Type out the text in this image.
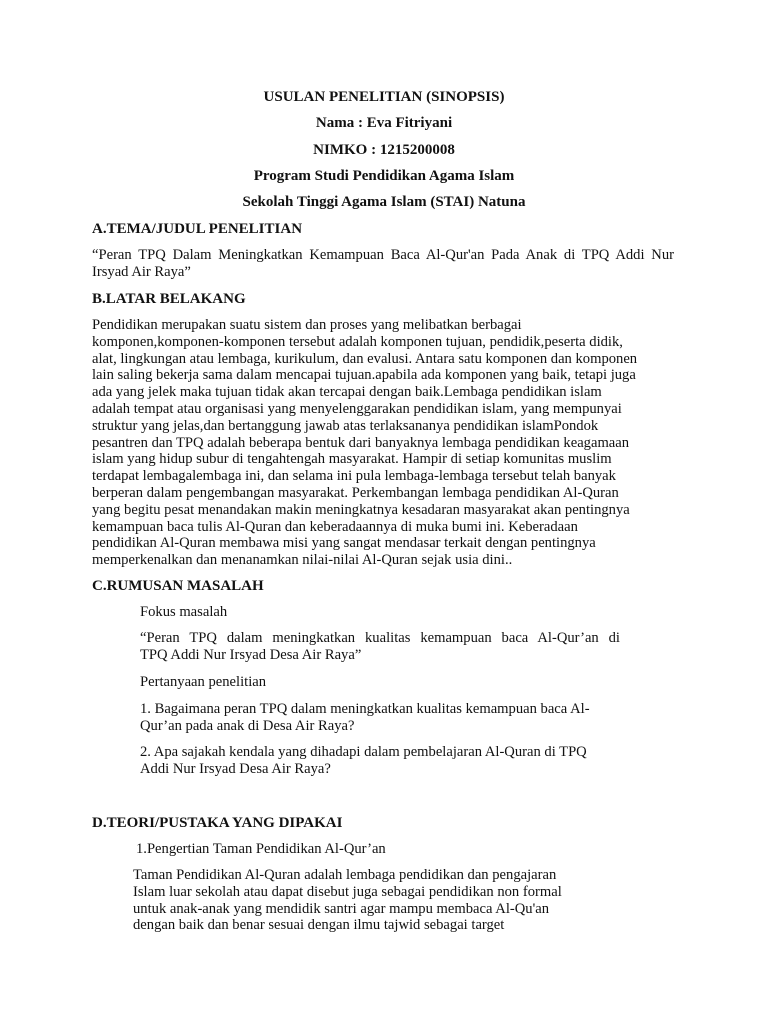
USULAN PENELITIAN (SINOPSIS)
Nama : Eva Fitriyani
NIMKO : 1215200008
Program Studi Pendidikan Agama Islam
Sekolah Tinggi Agama Islam (STAI) Natuna
A.TEMA/JUDUL PENELITIAN
“Peran TPQ Dalam Meningkatkan Kemampuan Baca Al-Qur'an Pada Anak di TPQ Addi Nur
Irsyad Air Raya”
B.LATAR BELAKANG
Pendidikan merupakan suatu sistem dan proses yang melibatkan berbagai
komponen,komponen-komponen tersebut adalah komponen tujuan, pendidik,peserta didik,
alat, lingkungan atau lembaga, kurikulum, dan evalusi. Antara satu komponen dan komponen
lain saling bekerja sama dalam mencapai tujuan.apabila ada komponen yang baik, tetapi juga
ada yang jelek maka tujuan tidak akan tercapai dengan baik.Lembaga pendidikan islam
adalah tempat atau organisasi yang menyelenggarakan pendidikan islam, yang mempunyai
struktur yang jelas,dan bertanggung jawab atas terlaksananya pendidikan islamPondok
pesantren dan TPQ adalah beberapa bentuk dari banyaknya lembaga pendidikan keagamaan
islam yang hidup subur di tengahtengah masyarakat. Hampir di setiap komunitas muslim
terdapat lembagalembaga ini, dan selama ini pula lembaga-lembaga tersebut telah banyak
berperan dalam pengembangan masyarakat. Perkembangan lembaga pendidikan Al-Quran
yang begitu pesat menandakan makin meningkatnya kesadaran masyarakat akan pentingnya
kemampuan baca tulis Al-Quran dan keberadaannya di muka bumi ini. Keberadaan
pendidikan Al-Quran membawa misi yang sangat mendasar terkait dengan pentingnya
memperkenalkan dan menanamkan nilai-nilai Al-Quran sejak usia dini..
C.RUMUSAN MASALAH
Fokus masalah
“Peran TPQ dalam meningkatkan kualitas kemampuan baca Al-Qur’an di
TPQ Addi Nur Irsyad Desa Air Raya”
Pertanyaan penelitian
1. Bagaimana peran TPQ dalam meningkatkan kualitas kemampuan baca Al-
Qur’an pada anak di Desa Air Raya?
2. Apa sajakah kendala yang dihadapi dalam pembelajaran Al-Quran di TPQ
Addi Nur Irsyad Desa Air Raya?
D.TEORI/PUSTAKA YANG DIPAKAI
1.Pengertian Taman Pendidikan Al-Qur’an
Taman Pendidikan Al-Quran adalah lembaga pendidikan dan pengajaran
Islam luar sekolah atau dapat disebut juga sebagai pendidikan non formal
untuk anak-anak yang mendidik santri agar mampu membaca Al-Qu'an
dengan baik dan benar sesuai dengan ilmu tajwid sebagai target
